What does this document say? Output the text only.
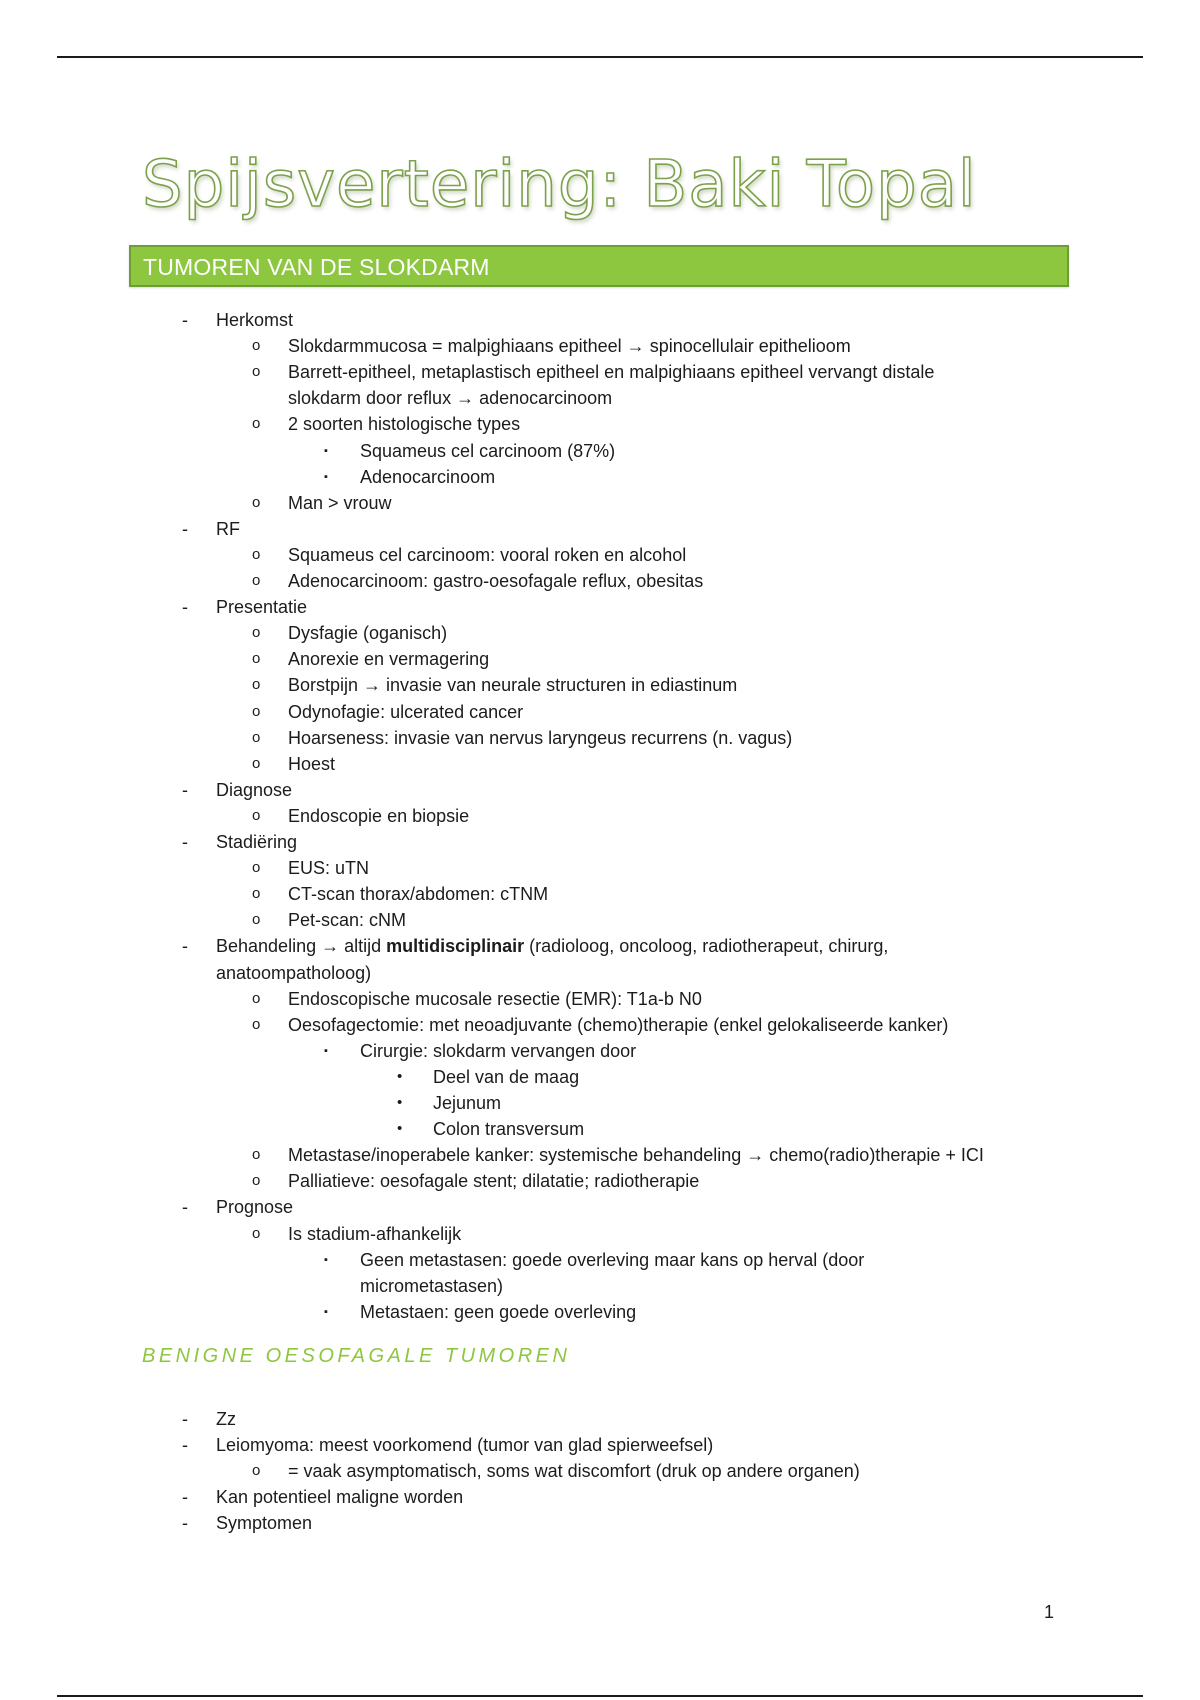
Spijsvertering: Baki Topal
TUMOREN VAN DE SLOKDARM
- Herkomst
o Slokdarmmucosa = malpighiaans epitheel → spinocellulair epithelioom
o Barrett-epitheel, metaplastisch epitheel en malpighiaans epitheel vervangt distale
slokdarm door reflux → adenocarcinoom
o 2 soorten histologische types
▪ Squameus cel carcinoom (87%)
▪ Adenocarcinoom
o Man > vrouw
- RF
o Squameus cel carcinoom: vooral roken en alcohol
o Adenocarcinoom: gastro-oesofagale reflux, obesitas
- Presentatie
o Dysfagie (oganisch)
o Anorexie en vermagering
o Borstpijn → invasie van neurale structuren in ediastinum
o Odynofagie: ulcerated cancer
o Hoarseness: invasie van nervus laryngeus recurrens (n. vagus)
o Hoest
- Diagnose
o Endoscopie en biopsie
- Stadiëring
o EUS: uTN
o CT-scan thorax/abdomen: cTNM
o Pet-scan: cNM
- Behandeling → altijd multidisciplinair (radioloog, oncoloog, radiotherapeut, chirurg,
anatoompatholoog)
o Endoscopische mucosale resectie (EMR): T1a-b N0
o Oesofagectomie: met neoadjuvante (chemo)therapie (enkel gelokaliseerde kanker)
▪ Cirurgie: slokdarm vervangen door
• Deel van de maag
• Jejunum
• Colon transversum
o Metastase/inoperabele kanker: systemische behandeling → chemo(radio)therapie + ICI
o Palliatieve: oesofagale stent; dilatatie; radiotherapie
- Prognose
o Is stadium-afhankelijk
▪ Geen metastasen: goede overleving maar kans op herval (door
micrometastasen)
▪ Metastaen: geen goede overleving
BENIGNE OESOFAGALE TUMOREN
- Zz
- Leiomyoma: meest voorkomend (tumor van glad spierweefsel)
o = vaak asymptomatisch, soms wat discomfort (druk op andere organen)
- Kan potentieel maligne worden
- Symptomen
1
